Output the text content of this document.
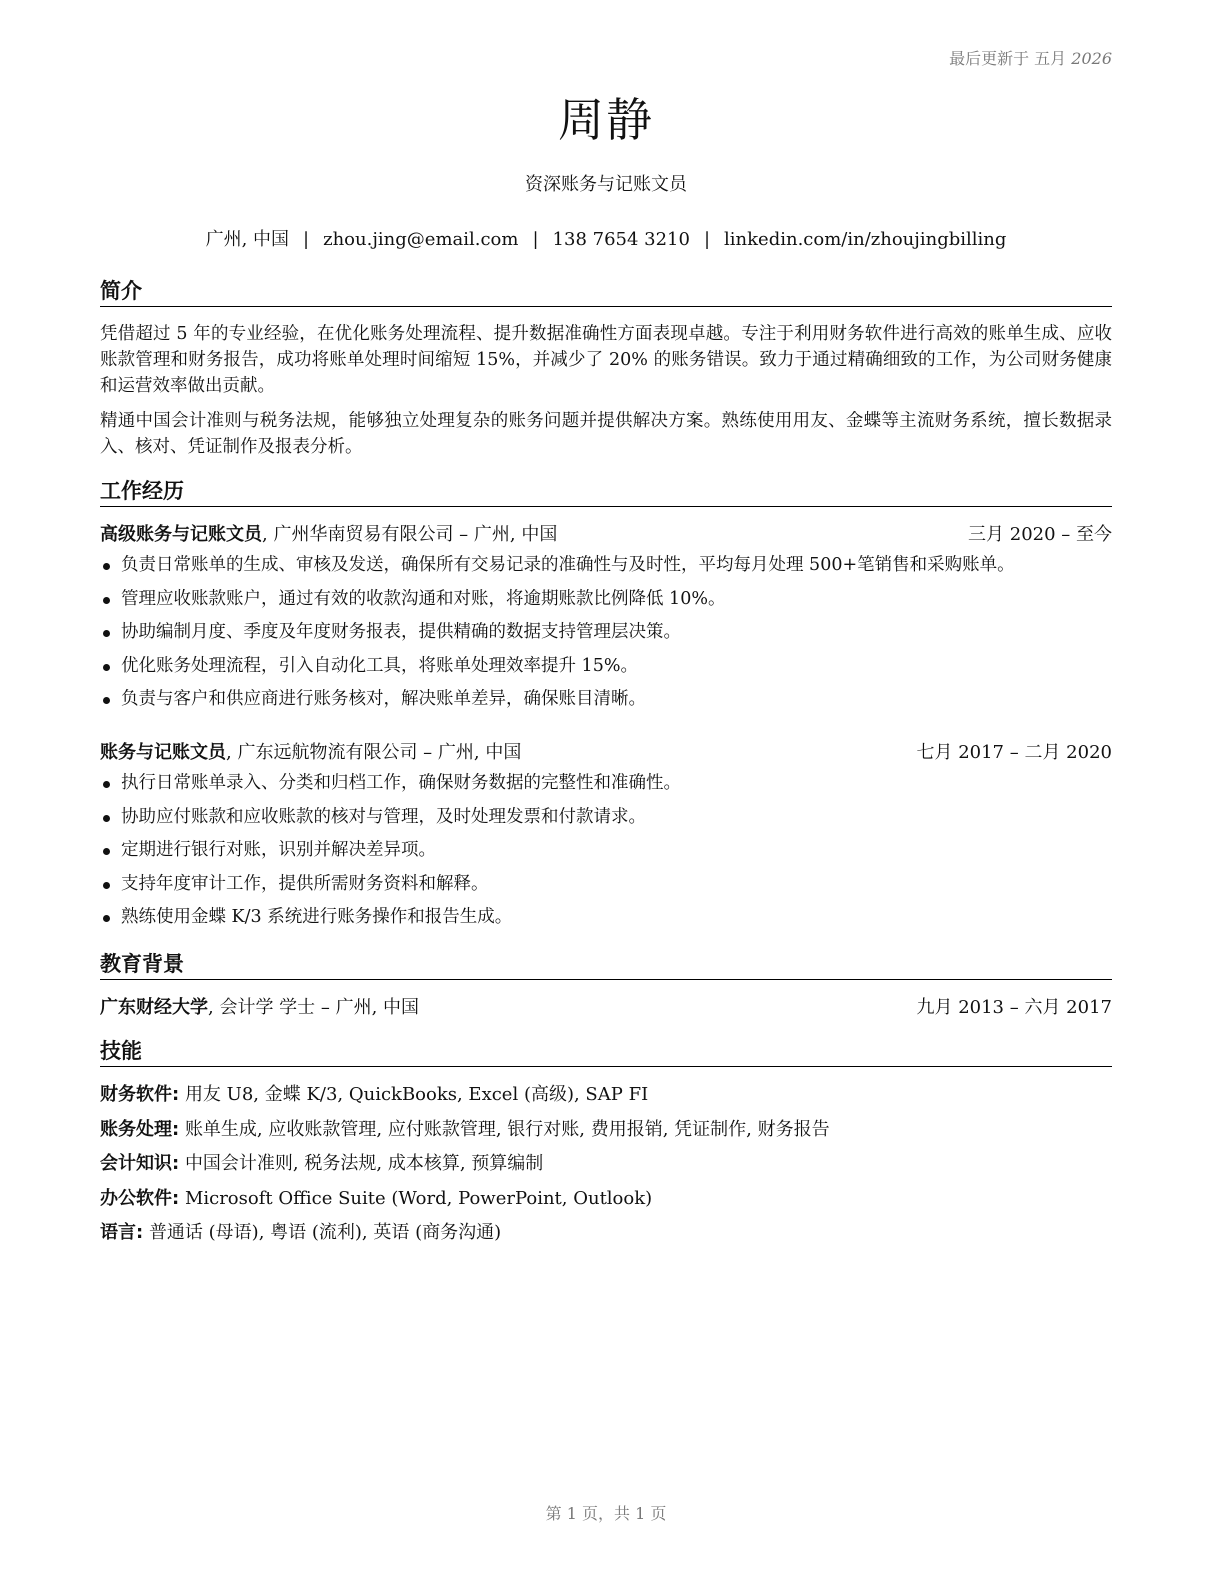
最后更新于 五月 2026
周静
资深账务与记账文员
广州, 中国 | zhou.jing@email.com | 138 7654 3210 | linkedin.com/in/zhoujingbilling
简介
凭借超过 5 年的专业经验，在优化账务处理流程、提升数据准确性方面表现卓越。专注于利用财务软件进行高效的账单生成、应收账款管理和财务报告，成功将账单处理时间缩短 15%，并减少了 20% 的账务错误。致力于通过精确细致的工作，为公司财务健康和运营效率做出贡献。
精通中国会计准则与税务法规，能够独立处理复杂的账务问题并提供解决方案。熟练使用用友、金蝶等主流财务系统，擅长数据录入、核对、凭证制作及报表分析。
工作经历
高级账务与记账文员, 广州华南贸易有限公司 – 广州, 中国	三月 2020 – 至今
负责日常账单的生成、审核及发送，确保所有交易记录的准确性与及时性，平均每月处理 500+笔销售和采购账单。
管理应收账款账户，通过有效的收款沟通和对账，将逾期账款比例降低 10%。
协助编制月度、季度及年度财务报表，提供精确的数据支持管理层决策。
优化账务处理流程，引入自动化工具，将账单处理效率提升 15%。
负责与客户和供应商进行账务核对，解决账单差异，确保账目清晰。
账务与记账文员, 广东远航物流有限公司 – 广州, 中国	七月 2017 – 二月 2020
执行日常账单录入、分类和归档工作，确保财务数据的完整性和准确性。
协助应付账款和应收账款的核对与管理，及时处理发票和付款请求。
定期进行银行对账，识别并解决差异项。
支持年度审计工作，提供所需财务资料和解释。
熟练使用金蝶 K/3 系统进行账务操作和报告生成。
教育背景
广东财经大学, 会计学 学士 – 广州, 中国	九月 2013 – 六月 2017
技能
财务软件: 用友 U8, 金蝶 K/3, QuickBooks, Excel (高级), SAP FI
账务处理: 账单生成, 应收账款管理, 应付账款管理, 银行对账, 费用报销, 凭证制作, 财务报告
会计知识: 中国会计准则, 税务法规, 成本核算, 预算编制
办公软件: Microsoft Office Suite (Word, PowerPoint, Outlook)
语言: 普通话 (母语), 粤语 (流利), 英语 (商务沟通)
第 1 页，共 1 页
